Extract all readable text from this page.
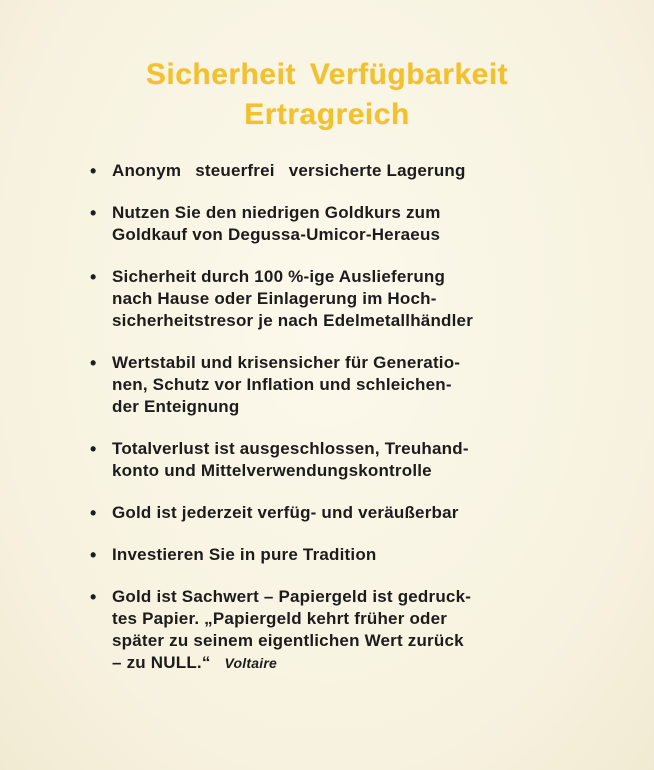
Sicherheit Verfügbarkeit
Ertragreich
• Anonym steuerfrei versicherte Lagerung
• Nutzen Sie den niedrigen Goldkurs zum
Goldkauf von Degussa-Umicor-Heraeus
• Sicherheit durch 100 %-ige Auslieferung
nach Hause oder Einlagerung im Hoch-
sicherheitstresor je nach Edelmetallhändler
• Wertstabil und krisensicher für Generatio-
nen, Schutz vor Inflation und schleichen-
der Enteignung
• Totalverlust ist ausgeschlossen, Treuhand-
konto und Mittelverwendungskontrolle
• Gold ist jederzeit verfüg- und veräußerbar
• Investieren Sie in pure Tradition
• Gold ist Sachwert – Papiergeld ist gedruck-
tes Papier. „Papiergeld kehrt früher oder
später zu seinem eigentlichen Wert zurück
– zu NULL.“ Voltaire
